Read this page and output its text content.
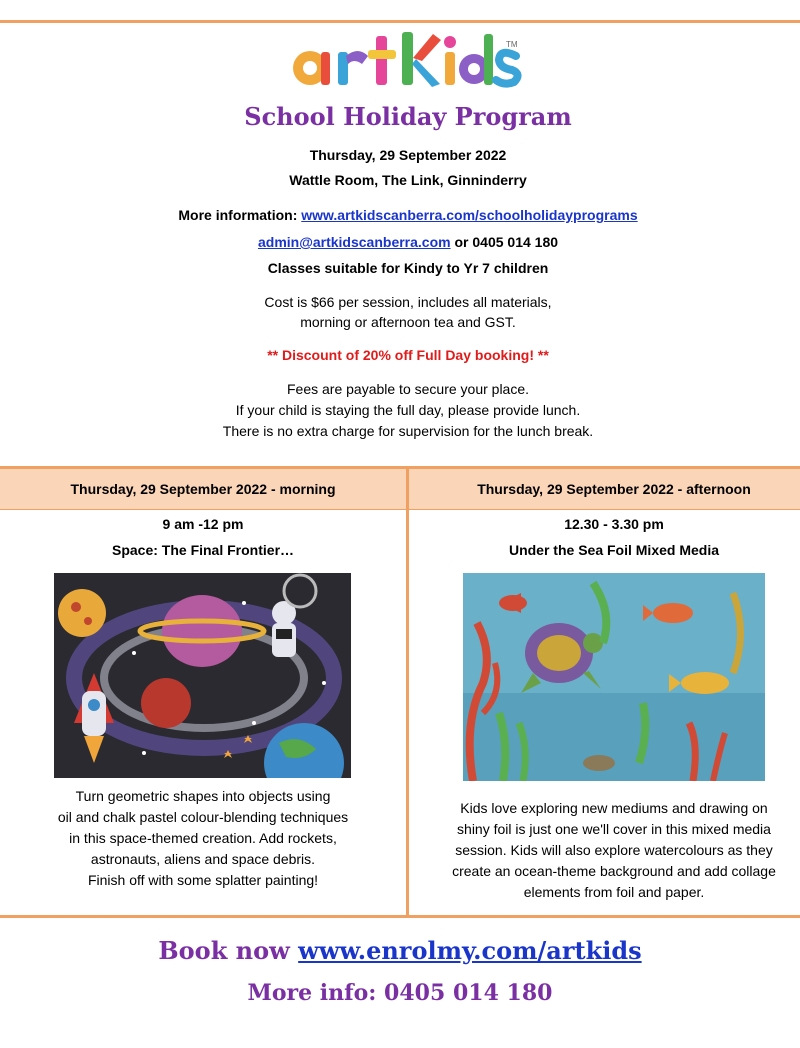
TM
School Holiday Program
Thursday, 29 September 2022
Wattle Room, The Link, Ginninderry
More information: www.artkidscanberra.com/schoolholidayprograms
admin@artkidscanberra.com or 0405 014 180
Classes suitable for Kindy to Yr 7 children
Cost is $66 per session, includes all materials,
morning or afternoon tea and GST.
** Discount of 20% off Full Day booking! **
Fees are payable to secure your place.
If your child is staying the full day, please provide lunch.
There is no extra charge for supervision for the lunch break.
Thursday, 29 September 2022 - morning	Thursday, 29 September 2022 - afternoon
9 am -12 pm
Space: The Final Frontier…
12.30 - 3.30 pm
Under the Sea Foil Mixed Media
Turn geometric shapes into objects using
oil and chalk pastel colour-blending techniques
in this space-themed creation. Add rockets,
astronauts, aliens and space debris.
Finish off with some splatter painting!
Kids love exploring new mediums and drawing on
shiny foil is just one we'll cover in this mixed media
session. Kids will also explore watercolours as they
create an ocean-theme background and add collage
elements from foil and paper.
Book now www.enrolmy.com/artkids
More info: 0405 014 180
